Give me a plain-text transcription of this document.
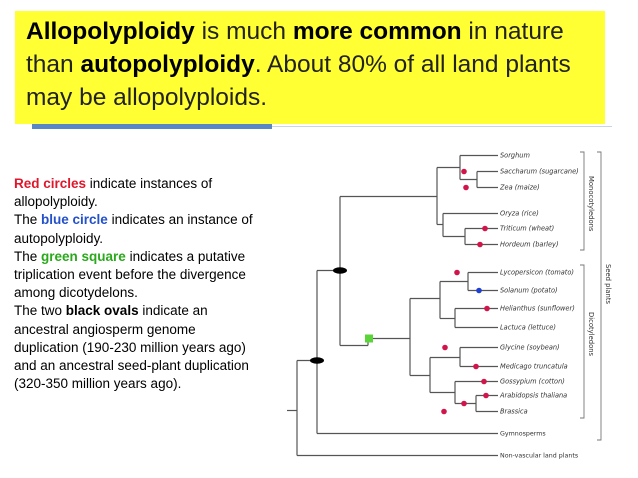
Allopolyploidy is much more common in nature than autopolyploidy. About 80% of all land plants may be allopolyploids.
Red circles indicate instances of allopolyploidy.
The blue circle indicates an instance of autopolyploidy.
The green square indicates a putative triplication event before the divergence among dicotydelons.
The two black ovals indicate an ancestral angiosperm genome duplication (190-230 million years ago) and an ancestral seed-plant duplication (320-350 million years ago).
Sorghum
Saccharum (sugarcane)
Zea (maize)
Oryza (rice)
Triticum (wheat)
Hordeum (barley)
Lycopersicon (tomato)
Solanum (potato)
Helianthus (sunflower)
Lactuca (lettuce)
Glycine (soybean)
Medicago truncatula
Gossypium (cotton)
Arabidopsis thaliana
Brassica
Gymnosperms
Non-vascular land plants
Monocotyledons
Dicotyledons
Seed plants
